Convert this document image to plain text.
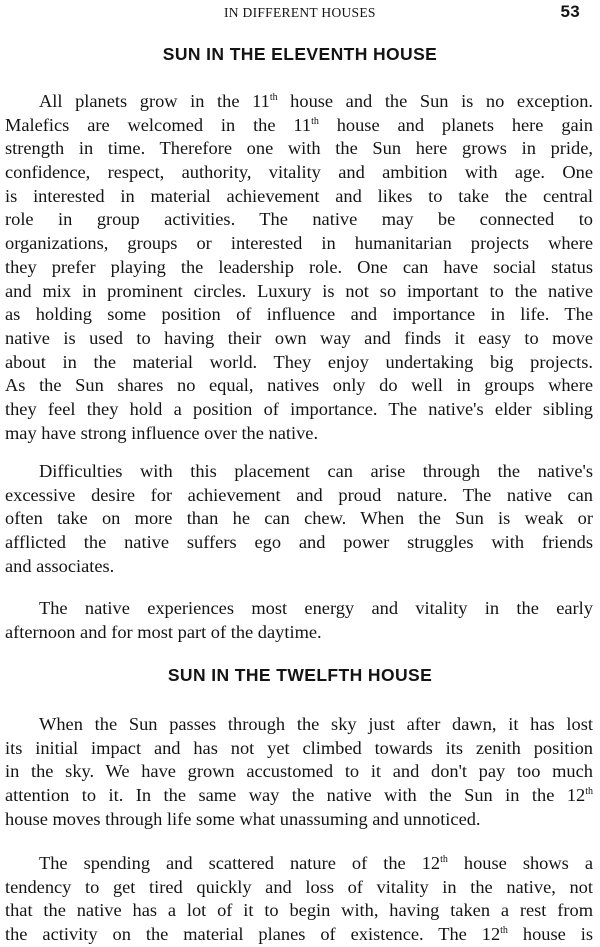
IN DIFFERENT HOUSES	53
SUN IN THE ELEVENTH HOUSE
All planets grow in the 11th house and the Sun is no exception.
Malefics are welcomed in the 11th house and planets here gain
strength in time. Therefore one with the Sun here grows in pride,
confidence, respect, authority, vitality and ambition with age. One
is interested in material achievement and likes to take the central
role in group activities. The native may be connected to
organizations, groups or interested in humanitarian projects where
they prefer playing the leadership role. One can have social status
and mix in prominent circles. Luxury is not so important to the native
as holding some position of influence and importance in life. The
native is used to having their own way and finds it easy to move
about in the material world. They enjoy undertaking big projects.
As the Sun shares no equal, natives only do well in groups where
they feel they hold a position of importance. The native's elder sibling
may have strong influence over the native.
Difficulties with this placement can arise through the native's
excessive desire for achievement and proud nature. The native can
often take on more than he can chew. When the Sun is weak or
afflicted the native suffers ego and power struggles with friends
and associates.
The native experiences most energy and vitality in the early
afternoon and for most part of the daytime.
SUN IN THE TWELFTH HOUSE
When the Sun passes through the sky just after dawn, it has lost
its initial impact and has not yet climbed towards its zenith position
in the sky. We have grown accustomed to it and don't pay too much
attention to it. In the same way the native with the Sun in the 12th
house moves through life some what unassuming and unnoticed.
The spending and scattered nature of the 12th house shows a
tendency to get tired quickly and loss of vitality in the native, not
that the native has a lot of it to begin with, having taken a rest from
the activity on the material planes of existence. The 12th house is
